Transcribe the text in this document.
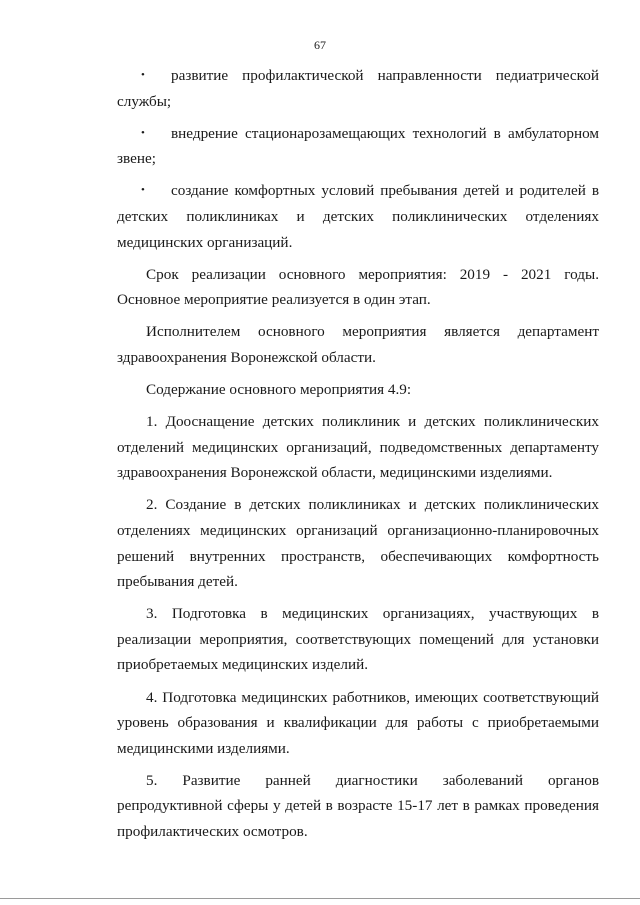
67

• развитие профилактической направленности педиатрической службы;

• внедрение стационарозамещающих технологий в амбулаторном звене;

• создание комфортных условий пребывания детей и родителей в детских поликлиниках и детских поликлинических отделениях медицинских организаций.

Срок реализации основного мероприятия: 2019 - 2021 годы. Основное мероприятие реализуется в один этап.

Исполнителем основного мероприятия является департамент здравоохранения Воронежской области.

Содержание основного мероприятия 4.9:

1. Дооснащение детских поликлиник и детских поликлинических отделений медицинских организаций, подведомственных департаменту здравоохранения Воронежской области, медицинскими изделиями.

2. Создание в детских поликлиниках и детских поликлинических отделениях медицинских организаций организационно-планировочных решений внутренних пространств, обеспечивающих комфортность пребывания детей.

3. Подготовка в медицинских организациях, участвующих в реализации мероприятия, соответствующих помещений для установки приобретаемых медицинских изделий.

4. Подготовка медицинских работников, имеющих соответствующий уровень образования и квалификации для работы с приобретаемыми медицинскими изделиями.

5. Развитие ранней диагностики заболеваний органов репродуктивной сферы у детей в возрасте 15-17 лет в рамках проведения профилактических осмотров.
